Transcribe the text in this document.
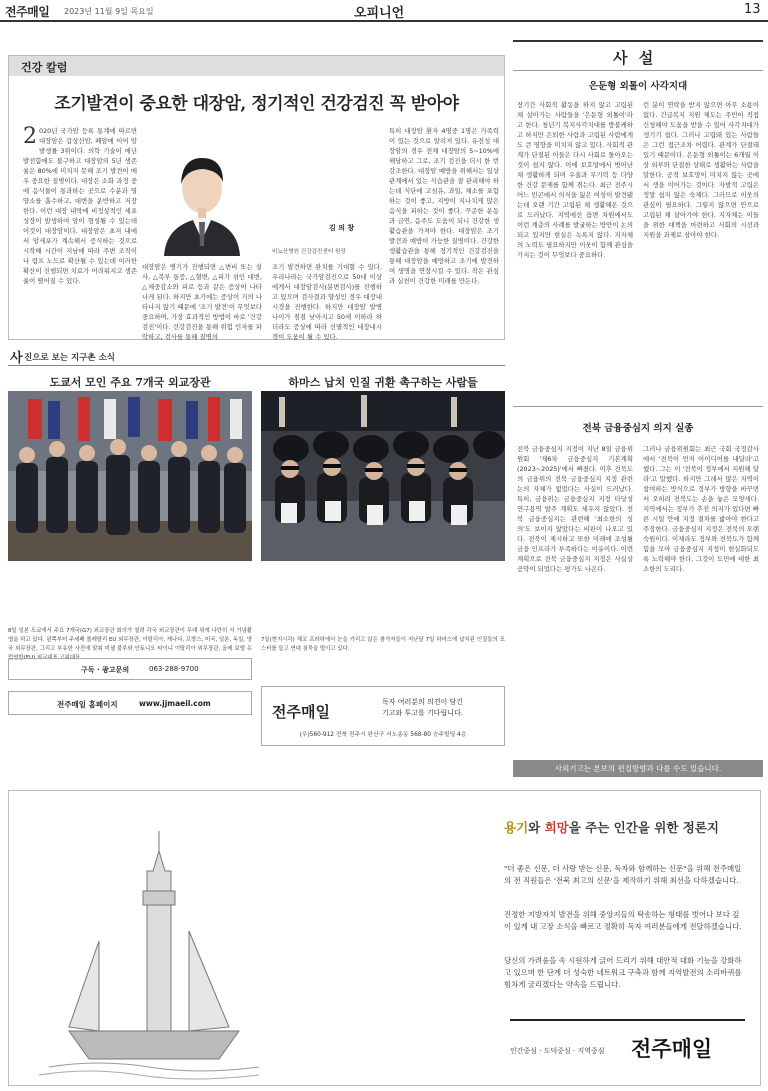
전주매일 2023년 11월 9일 목요일	오피니언	13
건강 칼럼
조기발견이 중요한 대장암, 정기적인 건강검진 꼭 받아야
2 020년 국가암 등록 통계에 따르면 대장암은 갑상선암, 폐암에 이어 암발생률 3위이다. 의학 기술이 매년 발전함에도 불구하고 대장암의 5년 생존율은 80%에 미치지 못해 조기 발견이 매우 중요한 질병이다. 대장은 소화 과정 중에 음식물이 통과하는 곳으로 수분과 영양소를 흡수하고, 대변을 운반하고 저장한다. 이런 대장 내막에 비정상적인 세포 성장이 발생하여 암이 형성될 수 있는데 이것이 대장암이다. 대장암은 초저 내에서 암세포가 계속해서 증식하는 것으로 시작해 시간이 지남에 따라 주변 조직이나 림프 노드로 확산될 수 있는데 이러한 확산이 진행되면 치료가 어려워지고 생존율이 떨어질 수 있다.
김 의 창
비뇨산병원 건강검진센터 원장
대장암은 병기가 진행되면 △변비 또는 설사, △복부 통증, △혈변, △피가 섞인 대변, △체중감소와 피로 등과 같은 증상이 나타나게 된다. 하지만 초기에는 증상이 거의 나타나지 않기 때문에 '조기 발견'이 무엇보다 중요하며, 가장 효과적인 방법이 바로 '건강검진'이다. 건강검진을 통해 위험 인자를 파악하고, 검사를 통해 질병의
조기 발견하면 완치를 기대할 수 있다. 우리나라는 국가암검진으로 50대 이상에게서 대장암검사(분변검사)를 진행하고 있으며 검사결과 양성인 경우 대장내시경을 진행한다. 하지만 대장암 발병 나이가 점점 낮아지고 50세 이하라 하더라도 증상에 따라 선별적인 대장내시경이 도움이 될 수 있다.
특히 대장암 환자 4명중 1명은 가족력이 있는 것으로 알려져 있다. 유전성 대장암의 경우 전체 대장암의 5~10%에 해당하고 그로, 조기 검진을 더시 한 번 강조한다. 대장암 예방을 위해서는 일상 관계에서 있는 식습관을 잘 관리해야 하는데 식단에 고섬유, 과일, 채소를 포함하는 것이 좋고, 지방이 지나치게 많은 음식을 피하는 것이 좋다. 꾸준한 운동과 금연, 음주도 도움이 되니 건강한 생활습관을 가져야 한다. 대장암은 조기 발견과 예방이 가능한 질병이다. 건강한 생활습관을 통해 정기적인 건강검진을 통해 대장암을 예방하고 조기에 발견하여 생명을 연장시킬 수 있다. 작은 관심과 실천이 건강한 미래를 만든다.
사 진으로 보는 지구촌 소식
도쿄서 모인 주요 7개국 외교장관
8일 일본 도쿄에서 주요 7개국(G7) 외교장관 회의가 열려 각국 외교장관이 무대 위에 나란히 서 기념촬영을 하고 있다. 왼쪽부터 주세페 볼레탈리 EU 외무장관, 이탈리아, 캐나다, 프랑스, 미국, 일본, 독일, 영국 외무장관, 그리고 부유한 사진에 맞춰 미셸 불루와 안토니오 타이니 이탈리아 외무장관, 올레 보엘 유럽연합(EU) 외교대표 고위대표.
하마스 납치 인질 귀환 촉구하는 사람들
7일(현지시각) 체코 프라하에서 눈을 가리고 앉은 참가자들이 지난달 7일 하마스에 납치된 인질들의 포스터를 들고 연대 침묵을 벌이고 있다.
구독 · 광고문의	063-288-9700
전주매일 홈페이지	www.jjmaeil.com	전주매일
독자 여러분의 의견이 담긴
기고와 투고를 기다립니다.
(우)560-912 전북 전주시 완산구 서노송동 568-80 승주빌딩 4층
사 설
은둔형 외톨이 사각지대
장기간 사회적 활동을 하지 않고 고립된 채 살아가는 사람들을 '은둔형 외톨이'라고 한다. 청년기 복지사각지대를 방불케하고 하지만 은퇴한 사람과 고립된 사람에게도 큰 영향을 미치지 않고 있다. 사회적 관계가 단절된 이들은 다시 사회로 돌아오는 것이 쉽지 않다. 이에 보호망에서 벗어난 채 생활하게 되며 우울과 무기력 등 다양한 건강 문제를 함께 겪는다. 최근 전주시 어느 빈곤에서 의식을 잃은 여성이 발견됐는데 오랜 기간 고립된 채 생활해온 것으로 드러났다. 지역에선 읍면 차원에서도 이런 계층의 사례를 발굴하는 방안이 논의되고 있지만 현실은 녹록지 않다. 지자체의 노력도 필요하지만 이웃이 함께 관심을 가지는 것이 무엇보다 중요하다.
런 분이 연락을 받지 않으면 아무 소용이 없다. 긴급복지 지원 제도는 주민이 직접 신청해야 도움을 받을 수 있어 사각지대가 생기기 쉽다. 그러나 고립돼 있는 사람들은 그런 접근조차 어렵다. 관계가 단절돼 있기 때문이다. 은둔형 외톨이는 6개월 이상 외부와 단절한 상태로 생활하는 사람을 말한다. 공적 보호망이 미치지 않는 곳에서 생을 이어가는 것이다. 자발적 고립은 정말 쉽지 않은 숙제다. 그러므로 이웃의 관심이 필요하다. 그렇지 않으면 안으로 고립된 채 살아가야 한다. 지자체는 이들을 위한 대책을 마련하고 사회의 시선과 지원을 과제로 삼아야 한다.
전북 금융중심지 의지 실종
전북 금융중심지 지정이 지난 8일 금융위원회 '제6차 금융중심지 기본계획(2023~2025)'에서 빠졌다. 이후 전북도의 금융위의 전북 금융중심지 지정 관련 논의 자체가 없었다는 사실이 드러났다. 특히, 금융위는 금융중심지 지정 타당성 연구용역 발주 계획도 세우지 않았다. 전북 금융중심지는 관련해 '최소한의 성의'도 보이지 않았다는 비판이 나오고 있다. 전북이 제시하고 또한 미래에 조성될 금융 인프라가 부족하다는 이유이다. 이번 계획으로 전북 금융중심지 지정은 사실상 공약이 되었다는 평가도 나온다.
그러나 금융위원회는 최근 국회 국정감사에서 '전북이 먼저 아이디어를 내달라'고 했다. 그는 이 '전북이 정부에서 지원해 달라'고 말했다. 하지만 그래서 많은 지역이 참여하는 방식으로 정부가 방향을 바꾸면서 오히려 전북도는 손을 놓은 모양새다. 지역에서는 정부가 추진 의지가 있다면 빠른 시일 안에 지정 절차를 밟아야 한다고 주장한다. 금융중심지 지정은 전북의 오랜 숙원이다. 이제라도 정부와 전북도가 함께 힘을 모아 금융중심지 지정이 현실화되도록 노력해야 한다. 그것이 도민에 대한 최소한의 도리다.
사외기고는 본보의 편집방향과 다를 수도 있습니다.
용기와 희망을 주는 인간을 위한 정론지
"더 좋은 신문, 더 사랑 받는 신문, 독자와 함께하는 신문"을 위해 전주매일의 전 직원들은 '전북 최고의 신문'을 제작하기 위해 최선을 다하겠습니다.
진정한 지방자치 발전을 위해 중앙지들의 탁송하는 형태를 벗어나 보다 깊이 있게 내 고장 소식을 빠르고 정확히 독자 여러분들에게 전달하겠습니다.
당신의 가려움을 속 시원하게 긁어 드리기 위해 대안적 대화 기능을 강화하고 있으며 한 단계 더 성숙한 네트워크 구축과 함께 지역발전의 소리바퀴를 힘차게 굴리겠다는 약속을 드립니다.
인간중심 · 도덕중심 · 지역중심 전주매일
